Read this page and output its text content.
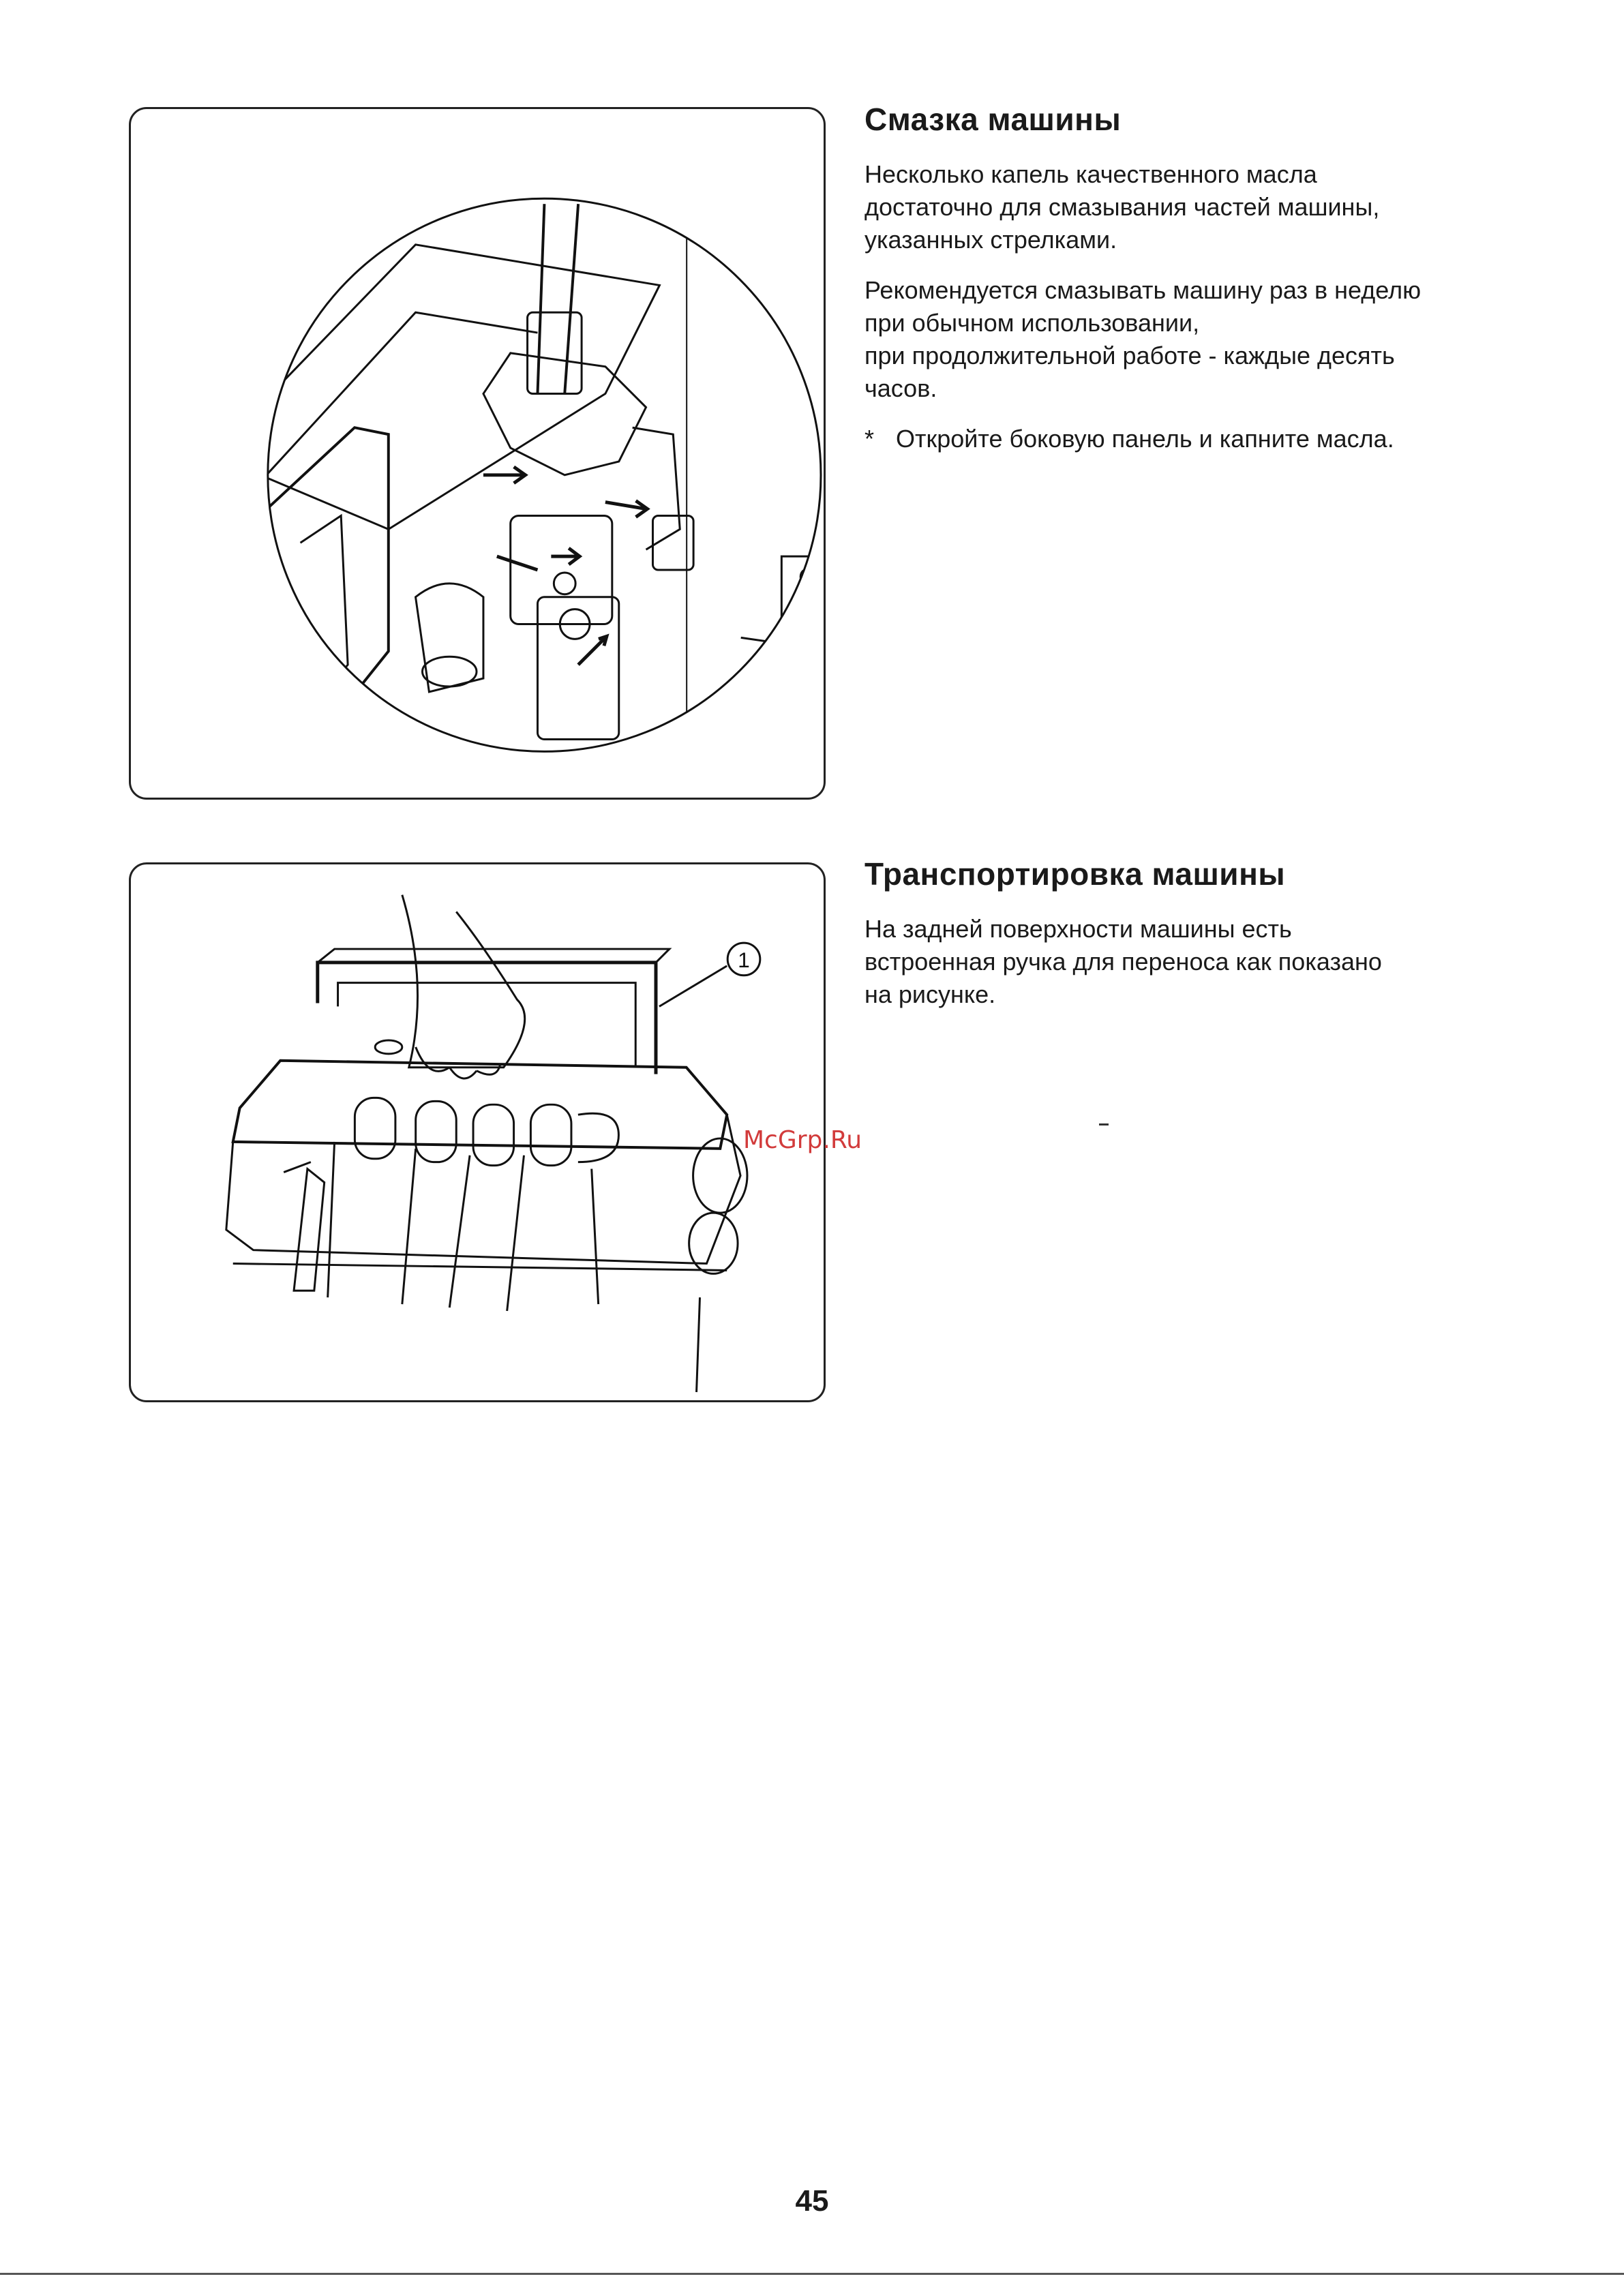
1
Смазка машины

Несколько капель качественного масла
достаточно для смазывания частей машины,
указанных стрелками.

Рекомендуется смазывать машину раз в неделю
при обычном использовании,
при продолжительной работе - каждые десять
часов.

* Откройте боковую панель и капните масла.
Транспортировка машины

На задней поверхности машины есть
встроенная ручка для переноса как показано
на рисунке.

McGrp.Ru
45
